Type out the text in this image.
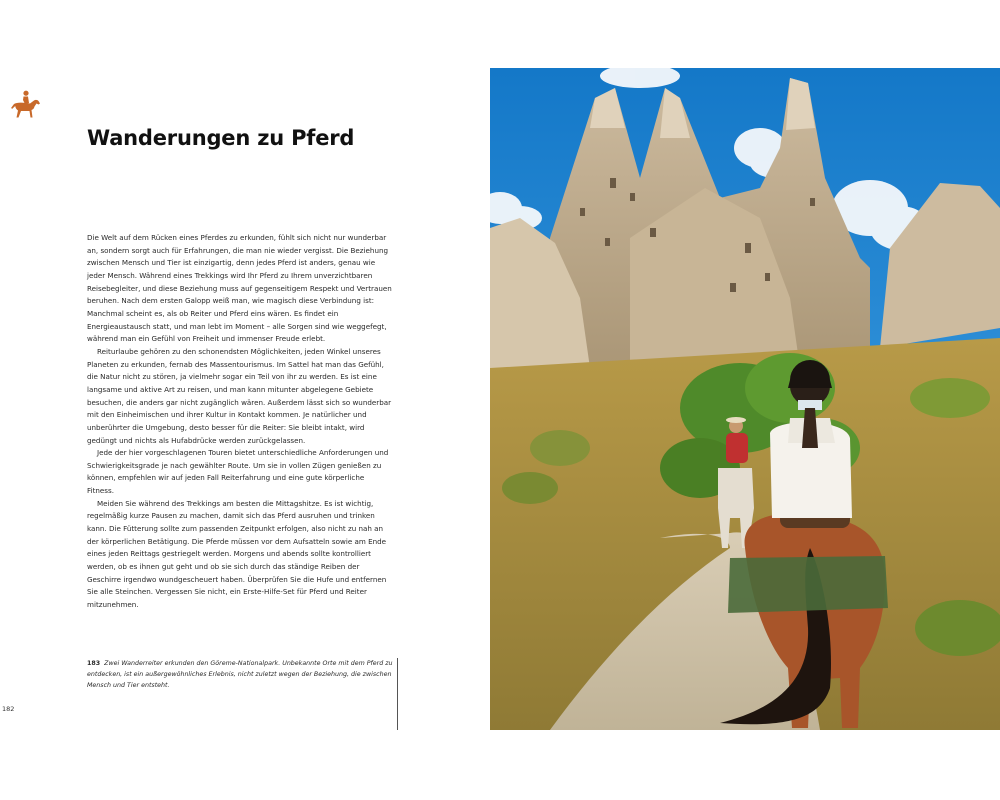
Wanderungen zu Pferd

Die Welt auf dem Rücken eines Pferdes zu erkunden, fühlt sich nicht nur wunderbar an, sondern sorgt auch für Erfahrungen, die man nie wieder vergisst. Die Beziehung zwischen Mensch und Tier ist einzigartig, denn jedes Pferd ist anders, genau wie jeder Mensch. Während eines Trekkings wird Ihr Pferd zu Ihrem unverzichtbaren Reisebegleiter, und diese Beziehung muss auf gegenseitigem Respekt und Vertrauen beruhen. Nach dem ersten Galopp weiß man, wie magisch diese Verbindung ist: Manchmal scheint es, als ob Reiter und Pferd eins wären. Es findet ein Energieaustausch statt, und man lebt im Moment – alle Sorgen sind wie weggefegt, während man ein Gefühl von Freiheit und immenser Freude erlebt.

Reiturlaube gehören zu den schonendsten Möglichkeiten, jeden Winkel unseres Planeten zu erkunden, fernab des Massentourismus. Im Sattel hat man das Gefühl, die Natur nicht zu stören, ja vielmehr sogar ein Teil von ihr zu werden. Es ist eine langsame und aktive Art zu reisen, und man kann mitunter abgelegene Gebiete besuchen, die anders gar nicht zugänglich wären. Außerdem lässt sich so wunderbar mit den Einheimischen und ihrer Kultur in Kontakt kommen. Je natürlicher und unberührter die Umgebung, desto besser für die Reiter: Sie bleibt intakt, wird gedüngt und nichts als Hufabdrücke werden zurückgelassen.

Jede der hier vorgeschlagenen Touren bietet unterschiedliche Anforderungen und Schwierigkeitsgrade je nach gewählter Route. Um sie in vollen Zügen genießen zu können, empfehlen wir auf jeden Fall Reiterfahrung und eine gute körperliche Fitness.

Meiden Sie während des Trekkings am besten die Mittagshitze. Es ist wichtig, regelmäßig kurze Pausen zu machen, damit sich das Pferd ausruhen und trinken kann. Die Fütterung sollte zum passenden Zeitpunkt erfolgen, also nicht zu nah an der körperlichen Betätigung. Die Pferde müssen vor dem Aufsatteln sowie am Ende eines jeden Reittags gestriegelt werden. Morgens und abends sollte kontrolliert werden, ob es ihnen gut geht und ob sie sich durch das ständige Reiben der Geschirre irgendwo wundgescheuert haben. Überprüfen Sie die Hufe und entfernen Sie alle Steinchen. Vergessen Sie nicht, ein Erste-Hilfe-Set für Pferd und Reiter mitzunehmen.

183 Zwei Wanderreiter erkunden den Göreme-Nationalpark. Unbekannte Orte mit dem Pferd zu entdecken, ist ein außergewöhnliches Erlebnis, nicht zuletzt wegen der Beziehung, die zwischen Mensch und Tier entsteht.
182
